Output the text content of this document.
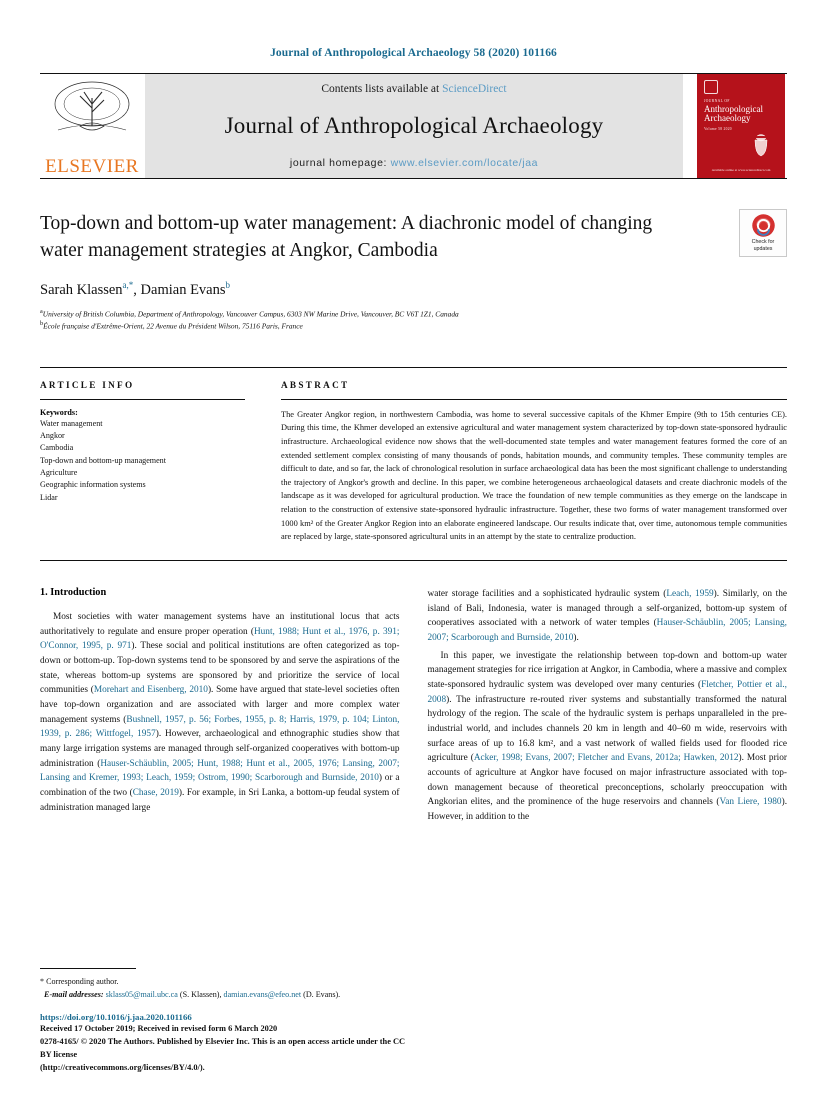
Journal of Anthropological Archaeology 58 (2020) 101166
ELSEVIER
Contents lists available at ScienceDirect
Journal of Anthropological Archaeology
journal homepage: www.elsevier.com/locate/jaa
JOURNAL OF
Anthropological
Archaeology
Volume 58 2020
Available online at www.sciencedirect.com
Top-down and bottom-up water management: A diachronic model of changing water management strategies at Angkor, Cambodia
Sarah Klassen$^{a,*}$, Damian Evans$^b$
$^a$University of British Columbia, Department of Anthropology, Vancouver Campus, 6303 NW Marine Drive, Vancouver, BC V6T 1Z1, Canada
$^b$École française d'Extrême-Orient, 22 Avenue du Président Wilson, 75116 Paris, France
Check for
updates
ARTICLE INFO
Keywords:
Water management
Angkor
Cambodia
Top-down and bottom-up management
Agriculture
Geographic information systems
Lidar
ABSTRACT
The Greater Angkor region, in northwestern Cambodia, was home to several successive capitals of the Khmer Empire (9th to 15th centuries CE). During this time, the Khmer developed an extensive agricultural and water management system characterized by top-down state-sponsored hydraulic infrastructure. Archaeological evidence now shows that the well-documented state temples and water management features formed the core of an extended settlement complex consisting of many thousands of ponds, habitation mounds, and community temples. These community temples are difficult to date, and so far, the lack of chronological resolution in surface archaeological data has been the most significant challenge to understanding the trajectory of Angkor's growth and decline. In this paper, we combine heterogeneous archaeological datasets and create diachronic models of the landscape as it was developed for agricultural production. We trace the foundation of new temple communities as they emerge on the landscape in relation to the construction of extensive state-sponsored hydraulic infrastructure. Together, these two forms of water management transformed over 1000 km² of the Greater Angkor Region into an elaborate engineered landscape. Our results indicate that, over time, autonomous temple communities are replaced by large, state-sponsored agricultural units in an attempt by the state to centralize production.
1. Introduction

Most societies with water management systems have an institutional locus that acts authoritatively to regulate and ensure proper operation (Hunt, 1988; Hunt et al., 1976, p. 391; O'Connor, 1995, p. 971). These social and political institutions are often categorized as top-down or bottom-up. Top-down systems tend to be sponsored by and serve the aspirations of the state, whereas bottom-up systems are sponsored by and prioritize the service of local communities (Morehart and Eisenberg, 2010). Some have argued that state-level societies often have top-down organization and are associated with larger and more complex water management systems (Bushnell, 1957, p. 56; Forbes, 1955, p. 8; Harris, 1979, p. 104; Linton, 1939, p. 286; Wittfogel, 1957). However, archaeological and ethnographic studies show that many large irrigation systems are managed through self-organized cooperatives with bottom-up administration (Hauser-Schäublin, 2005; Hunt, 1988; Hunt et al., 2005, 1976; Lansing, 2007; Lansing and Kremer, 1993; Leach, 1959; Ostrom, 1990; Scarborough and Burnside, 2010) or a combination of the two (Chase, 2019). For example, in Sri Lanka, a bottom-up feudal system of administration managed large

water storage facilities and a sophisticated hydraulic system (Leach, 1959). Similarly, on the island of Bali, Indonesia, water is managed through a self-organized, bottom-up system of cooperatives associated with a network of water temples (Hauser-Schäublin, 2005; Lansing, 2007; Scarborough and Burnside, 2010).

In this paper, we investigate the relationship between top-down and bottom-up water management strategies for rice irrigation at Angkor, in Cambodia, where a massive and complex state-sponsored hydraulic system was developed over many centuries (Fletcher, Pottier et al., 2008). The infrastructure re-routed river systems and substantially transformed the natural hydrology of the region. The scale of the hydraulic system is perhaps unparalleled in the pre-industrial world, and includes channels 20 km in length and 40–60 m wide, reservoirs with surface areas of up to 16.8 km², and a vast network of walled fields used for flooded rice agriculture (Acker, 1998; Evans, 2007; Fletcher and Evans, 2012a; Hawken, 2012). Most prior accounts of agriculture at Angkor have focused on major infrastructure associated with top-down management because of theoretical preconceptions, scholarly preoccupation with Angkorian elites, and the prominence of the huge reservoirs and channels (Van Liere, 1980). However, in addition to the

* Corresponding author.
E-mail addresses: sklass05@mail.ubc.ca (S. Klassen), damian.evans@efeo.net (D. Evans).
https://doi.org/10.1016/j.jaa.2020.101166
Received 17 October 2019; Received in revised form 6 March 2020
0278-4165/ © 2020 The Authors. Published by Elsevier Inc. This is an open access article under the CC BY license
(http://creativecommons.org/licenses/BY/4.0/).
